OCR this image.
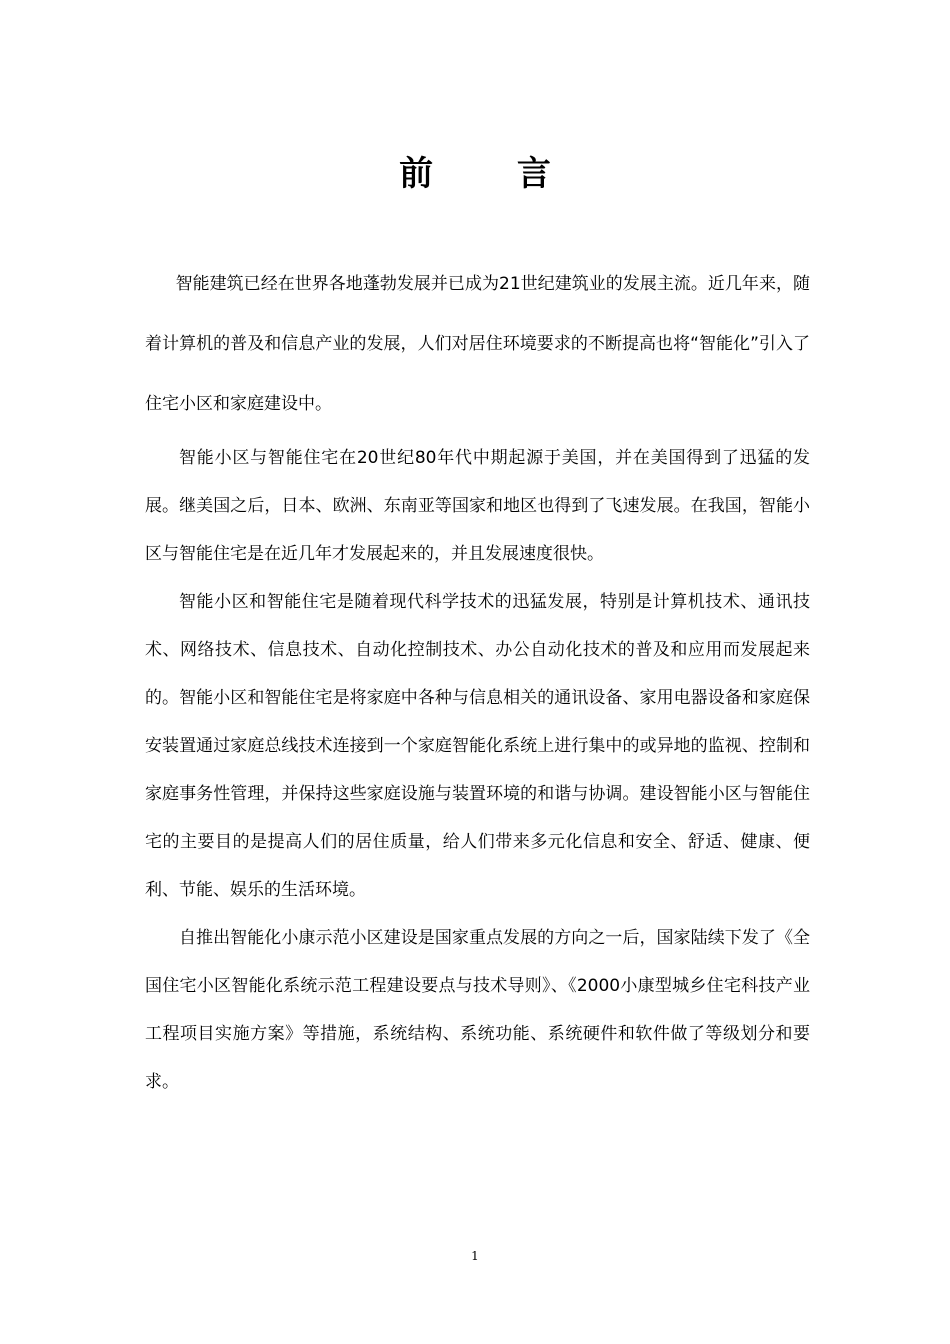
前 言

智能建筑已经在世界各地蓬勃发展并已成为21世纪建筑业的发展主流。近几年来，随着计算机的普及和信息产业的发展，人们对居住环境要求的不断提高也将“智能化”引入了住宅小区和家庭建设中。

智能小区与智能住宅在20世纪80年代中期起源于美国，并在美国得到了迅猛的发展。继美国之后，日本、欧洲、东南亚等国家和地区也得到了飞速发展。在我国，智能小区与智能住宅是在近几年才发展起来的，并且发展速度很快。

智能小区和智能住宅是随着现代科学技术的迅猛发展，特别是计算机技术、通讯技术、网络技术、信息技术、自动化控制技术、办公自动化技术的普及和应用而发展起来的。智能小区和智能住宅是将家庭中各种与信息相关的通讯设备、家用电器设备和家庭保安装置通过家庭总线技术连接到一个家庭智能化系统上进行集中的或异地的监视、控制和家庭事务性管理，并保持这些家庭设施与装置环境的和谐与协调。建设智能小区与智能住宅的主要目的是提高人们的居住质量，给人们带来多元化信息和安全、舒适、健康、便利、节能、娱乐的生活环境。

自推出智能化小康示范小区建设是国家重点发展的方向之一后，国家陆续下发了《全国住宅小区智能化系统示范工程建设要点与技术导则》、《2000小康型城乡住宅科技产业工程项目实施方案》等措施，系统结构、系统功能、系统硬件和软件做了等级划分和要求。

1
